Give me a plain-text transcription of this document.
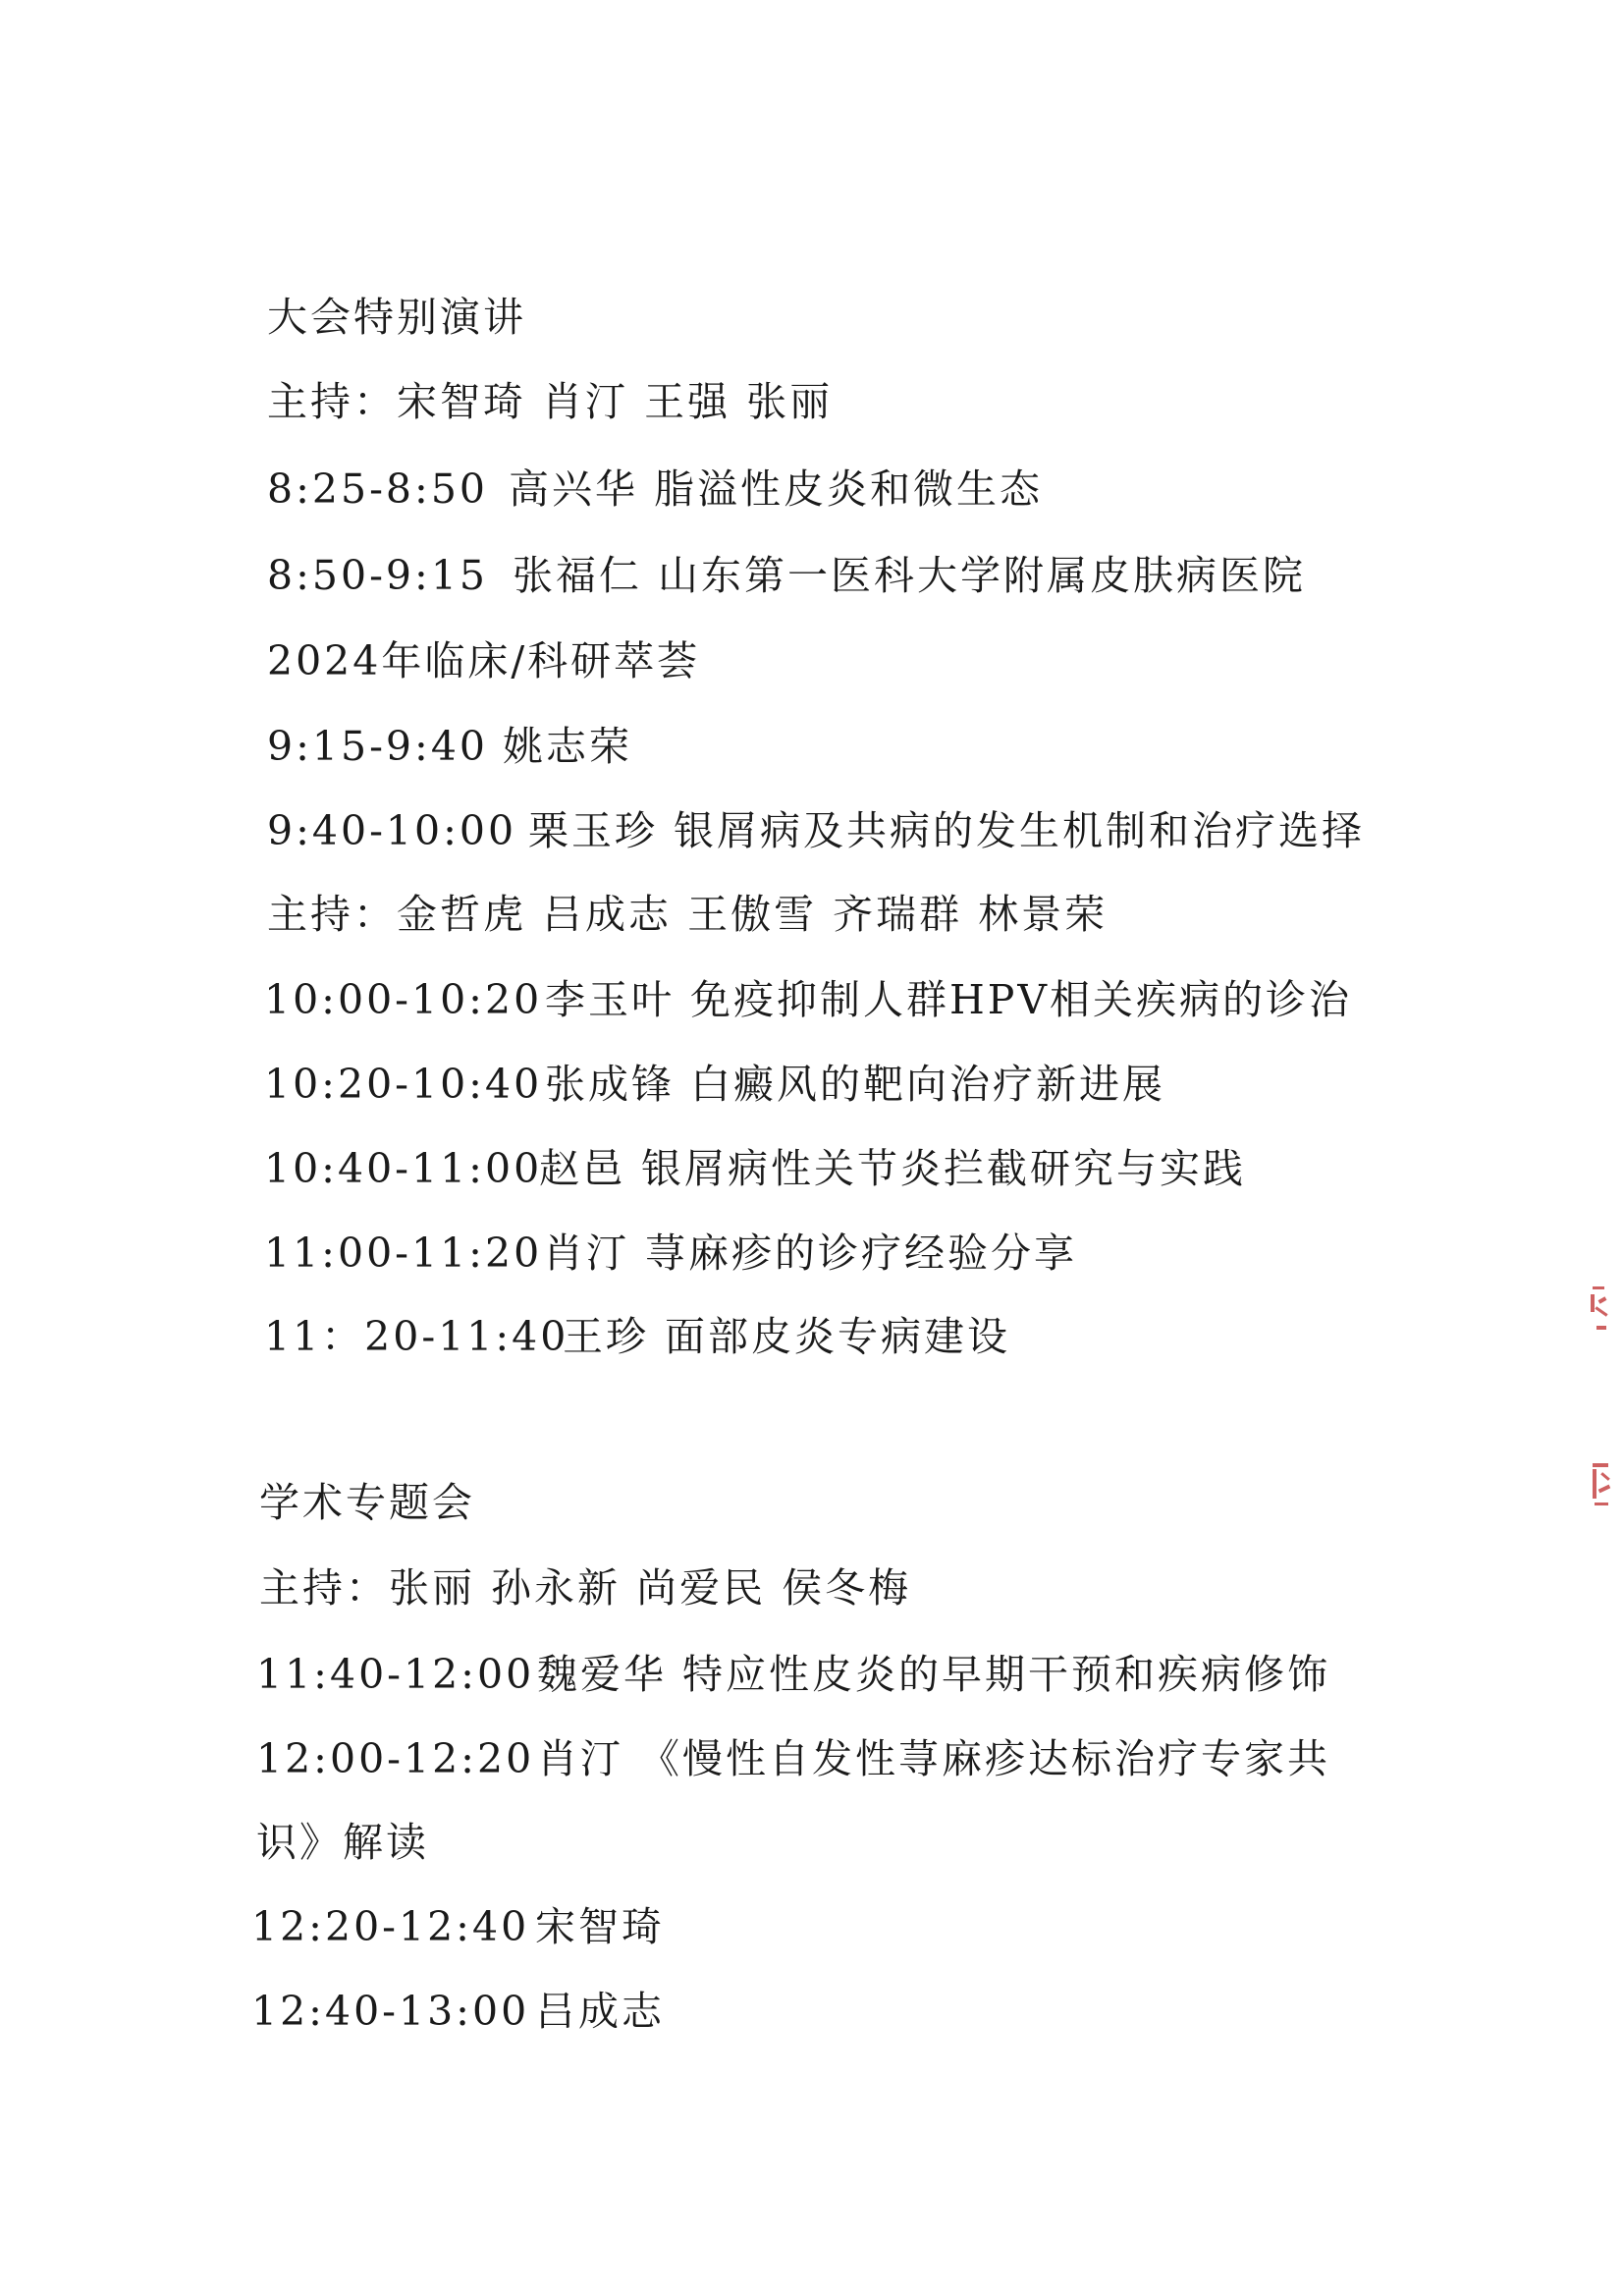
大会特别演讲
主持：宋智琦 肖汀 王强 张丽
8:25-8:50 高兴华 脂溢性皮炎和微生态
8:50-9:15 张福仁 山东第一医科大学附属皮肤病医院
2024年临床/科研萃荟
9:15-9:40 姚志荣
9:40-10:00 栗玉珍 银屑病及共病的发生机制和治疗选择
主持：金哲虎 吕成志 王傲雪 齐瑞群 林景荣
10:00-10:20 李玉叶 免疫抑制人群HPV相关疾病的诊治
10:20-10:40 张成锋 白癜风的靶向治疗新进展
10:40-11:00
赵邑 银屑病性关节炎拦截研究与实践
11:00-11:20 肖汀 荨麻疹的诊疗经验分享
11：20-11:40
王珍 面部皮炎专病建设
学术专题会
主持：张丽 孙永新 尚爱民 侯冬梅
11:40-12:00 魏爱华 特应性皮炎的早期干预和疾病修饰
12:00-12:20 肖汀 《慢性自发性荨麻疹达标治疗专家共
识》解读
12:20-12:40 宋智琦
12:40-13:00 吕成志
